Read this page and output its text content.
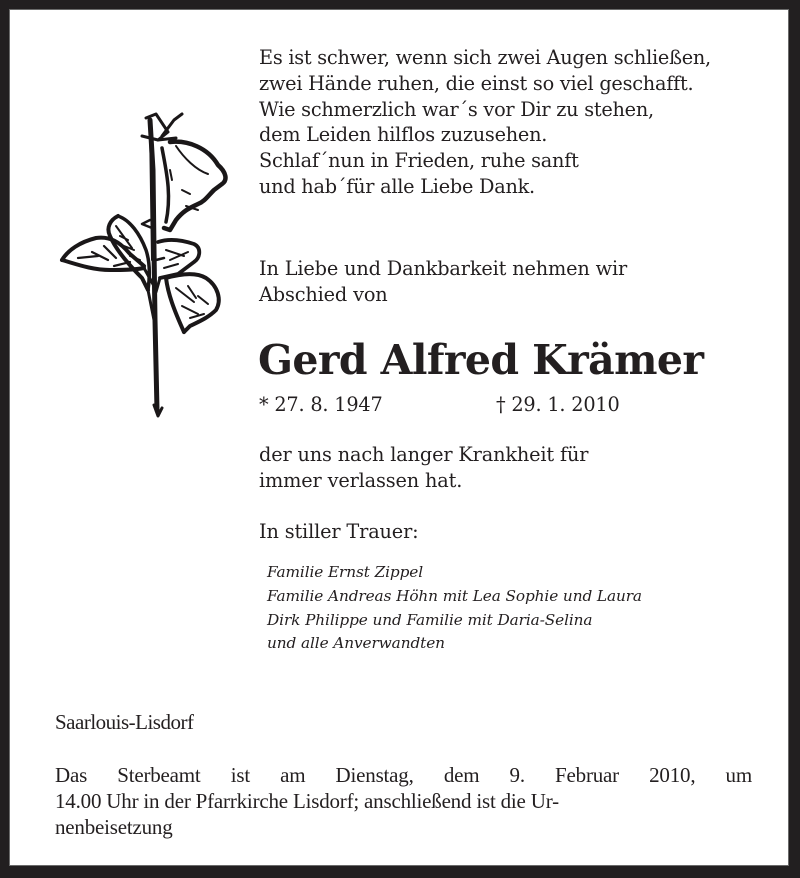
Es ist schwer, wenn sich zwei Augen schließen,
zwei Hände ruhen, die einst so viel geschafft.
Wie schmerzlich war´s vor Dir zu stehen,
dem Leiden hilflos zuzusehen.
Schlaf´nun in Frieden, ruhe sanft
und hab´für alle Liebe Dank.
In Liebe und Dankbarkeit nehmen wir
Abschied von
Gerd Alfred Krämer
* 27. 8. 1947	† 29. 1. 2010
der uns nach langer Krankheit für
immer verlassen hat.
In stiller Trauer:
Familie Ernst Zippel
Familie Andreas Höhn mit Lea Sophie und Laura
Dirk Philippe und Familie mit Daria-Selina
und alle Anverwandten
Saarlouis-Lisdorf
Das Sterbeamt ist am Dienstag, dem 9. Februar 2010, um
14.00 Uhr in der Pfarrkirche Lisdorf; anschließend ist die Ur-
nenbeisetzung
